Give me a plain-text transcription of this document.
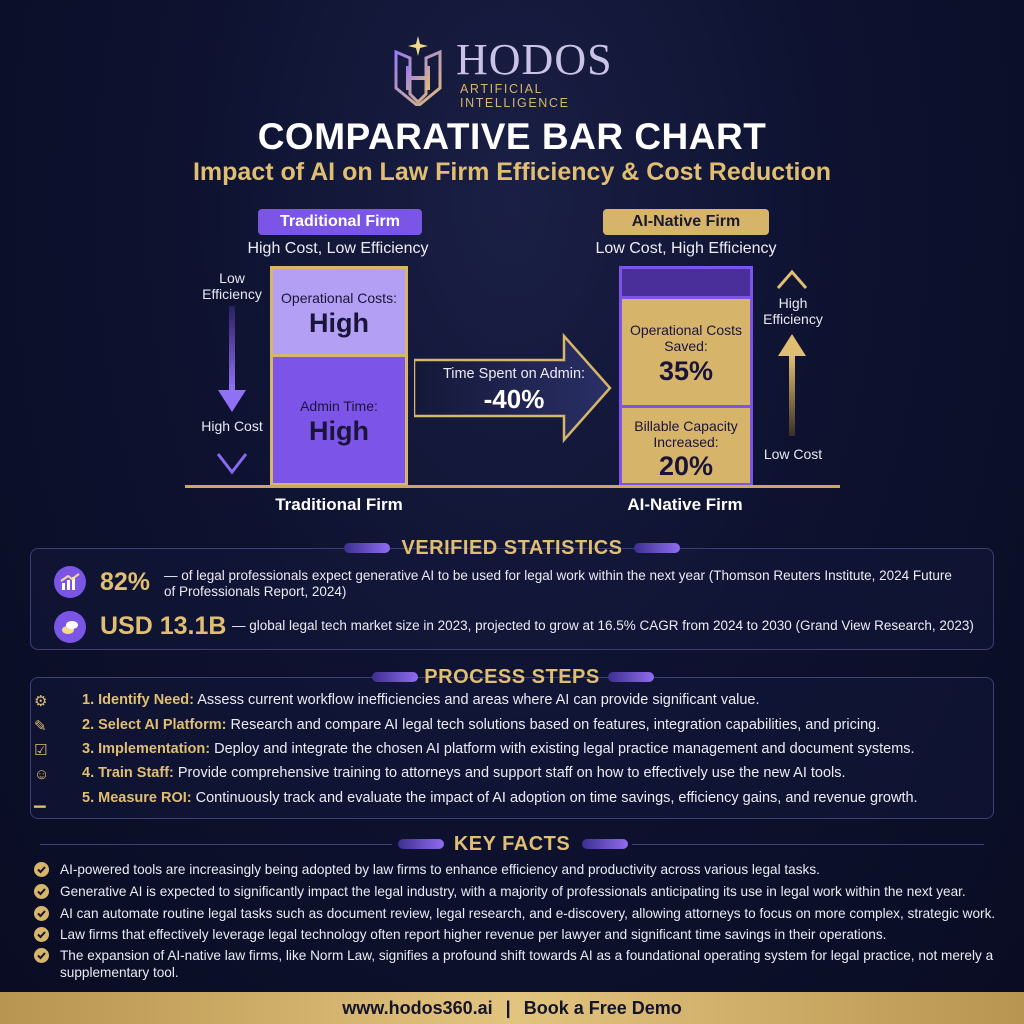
HODOS
ARTIFICIAL INTELLIGENCE
COMPARATIVE BAR CHART
Impact of AI on Law Firm Efficiency & Cost Reduction
Traditional Firm	AI-Native Firm
High Cost, Low Efficiency	Low Cost, High Efficiency
Low Efficiency
High Cost
Operational Costs:
High
Admin Time:
High
Time Spent on Admin:
-40%
Operational Costs Saved:
35%
Billable Capacity Increased:
20%
High Efficiency
Low Cost
Traditional Firm	AI-Native Firm
VERIFIED STATISTICS
82% — of legal professionals expect generative AI to be used for legal work within the next year (Thomson Reuters Institute, 2024 Future of Professionals Report, 2024)
USD 13.1B — global legal tech market size in 2023, projected to grow at 16.5% CAGR from 2024 to 2030 (Grand View Research, 2023)
PROCESS STEPS
⚙	1. Identify Need: Assess current workflow inefficiencies and areas where AI can provide significant value.
✎	2. Select AI Platform: Research and compare AI legal tech solutions based on features, integration capabilities, and pricing.
☑	3. Implementation: Deploy and integrate the chosen AI platform with existing legal practice management and document systems.
☺ 4. Train Staff: Provide comprehensive training to attorneys and support staff on how to effectively use the new AI tools.
▁	5. Measure ROI: Continuously track and evaluate the impact of AI adoption on time savings, efficiency gains, and revenue growth.
KEY FACTS
AI-powered tools are increasingly being adopted by law firms to enhance efficiency and productivity across various legal tasks.
Generative AI is expected to significantly impact the legal industry, with a majority of professionals anticipating its use in legal work within the next year.
AI can automate routine legal tasks such as document review, legal research, and e-discovery, allowing attorneys to focus on more complex, strategic work.
Law firms that effectively leverage legal technology often report higher revenue per lawyer and significant time savings in their operations.
The expansion of AI-native law firms, like Norm Law, signifies a profound shift towards AI as a foundational operating system for legal practice, not merely a supplementary tool.
www.hodos360.ai | Book a Free Demo
